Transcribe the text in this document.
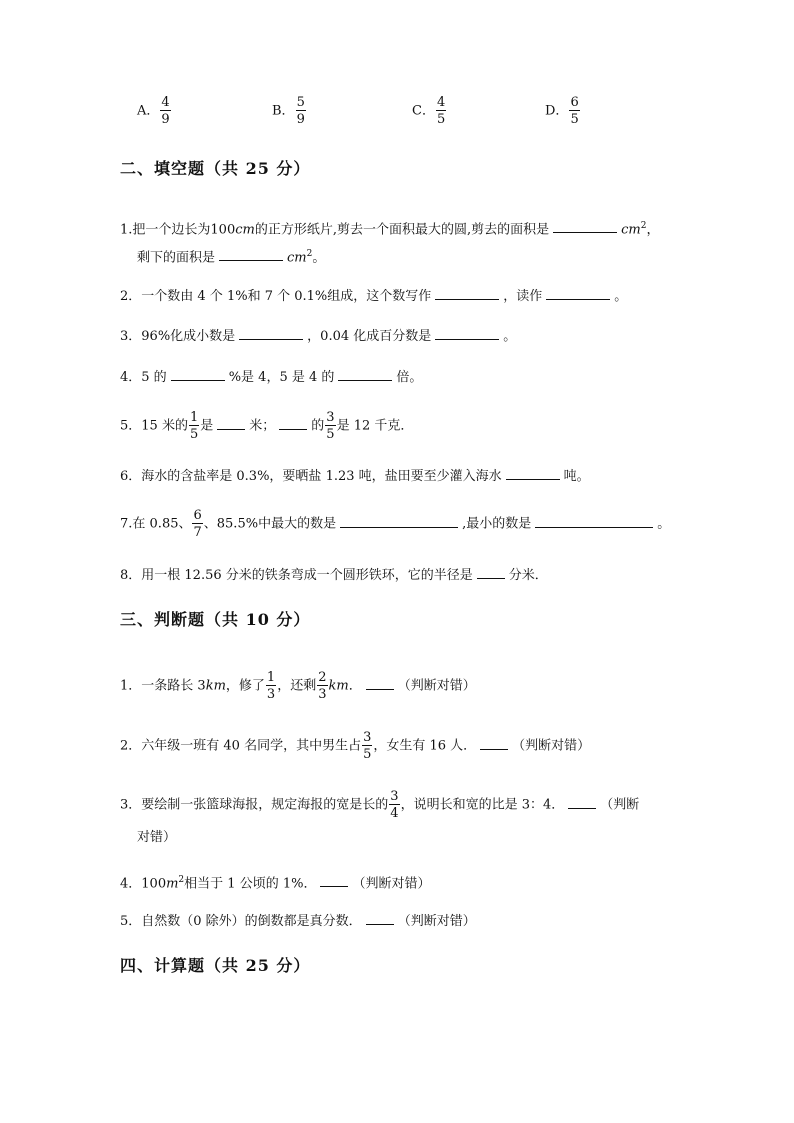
A． $\frac{4}{9}$	B． $\frac{5}{9}$	C． $\frac{4}{5}$	D． $\frac{6}{5}$
二、填空题（共 25 分）
1.把一个边长为100cm的正方形纸片,剪去一个面积最大的圆,剪去的面积是	$cm^2$，
剩下的面积是	$cm^2$。
2．一个数由 4 个 1%和 7 个 0.1%组成，这个数写作	，读作	。
3．96%化成小数是	，0.04 化成百分数是	。
4．5 的	%是 4，5 是 4 的	倍。
5．15 米的 $\frac{1}{5}$ 是	米；	的 $\frac{3}{5}$ 是 12 千克．
6．海水的含盐率是 0.3%，要晒盐 1.23 吨，盐田要至少灌入海水	吨。
7.在 0.85、 $\frac{6}{7}$ 、85.5%中最大的数是	,最小的数是	。
8．用一根 12.56 分米的铁条弯成一个圆形铁环，它的半径是	分米．
三、判断题（共 10 分）
1．一条路长 3km，修了 $\frac{1}{3}$ ，还剩 $\frac{2}{3}$ km．	（判断对错）
2．六年级一班有 40 名同学，其中男生占 $\frac{3}{5}$ ，女生有 16 人．	（判断对错）
3．要绘制一张篮球海报，规定海报的宽是长的 $\frac{3}{4}$ ，说明长和宽的比是 3：4．	（判断
对错）
4．$100m^2$相当于 1 公顷的 1%．	（判断对错）
5．自然数（0 除外）的倒数都是真分数．	（判断对错）
四、计算题（共 25 分）
